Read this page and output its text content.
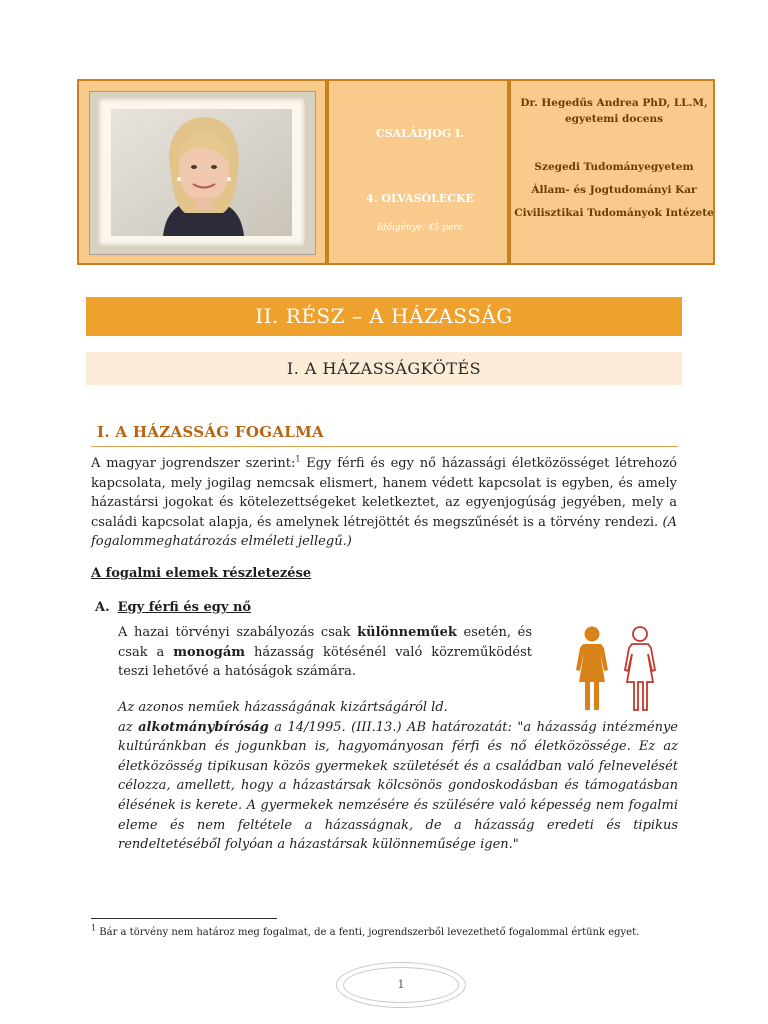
CSALÁDJOG I.
4. OLVASÓLECKE
Időigénye: 45 perc
Dr. Hegedűs Andrea PhD, LL.M, egyetemi docens
Szegedi Tudományegyetem
Állam- és Jogtudományi Kar
Civilisztikai Tudományok Intézete
II. RÉSZ – A HÁZASSÁG
I. A HÁZASSÁGKÖTÉS
I. A HÁZASSÁG FOGALMA
A magyar jogrendszer szerint:$^1$ Egy férfi és egy nő házassági életközösséget létrehozó kapcsolata, mely jogilag nemcsak elismert, hanem védett kapcsolat is egyben, és amely házastársi jogokat és kötelezettségeket keletkeztet, az egyenjogúság jegyében, mely a családi kapcsolat alapja, és amelynek létrejöttét és megszűnését is a törvény rendezi. (A fogalommeghatározás elméleti jellegű.)
A fogalmi elemek részletezése
A. Egy férfi és egy nő
A hazai törvényi szabályozás csak különneműek esetén, és csak a monogám házasság kötésénél való közreműködést teszi lehetővé a hatóságok számára.
Az azonos neműek házasságának kizártságáról ld.
az alkotmánybíróság a 14/1995. (III.13.) AB határozatát: "a házasság intézménye kultúránkban és jogunkban is, hagyományosan férfi és nő életközössége. Ez az életközösség tipikusan közös gyermekek születését és a családban való felnevelését célozza, amellett, hogy a házastársak kölcsönös gondoskodásban és támogatásban élésének is kerete. A gyermekek nemzésére és szülésére való képesség nem fogalmi eleme és nem feltétele a házasságnak, de a házasság eredeti és tipikus rendeltetéséből folyóan a házastársak különneműsége igen."
$^1$ Bár a törvény nem határoz meg fogalmat, de a fenti, jogrendszerből levezethető fogalommal értünk egyet.
1
